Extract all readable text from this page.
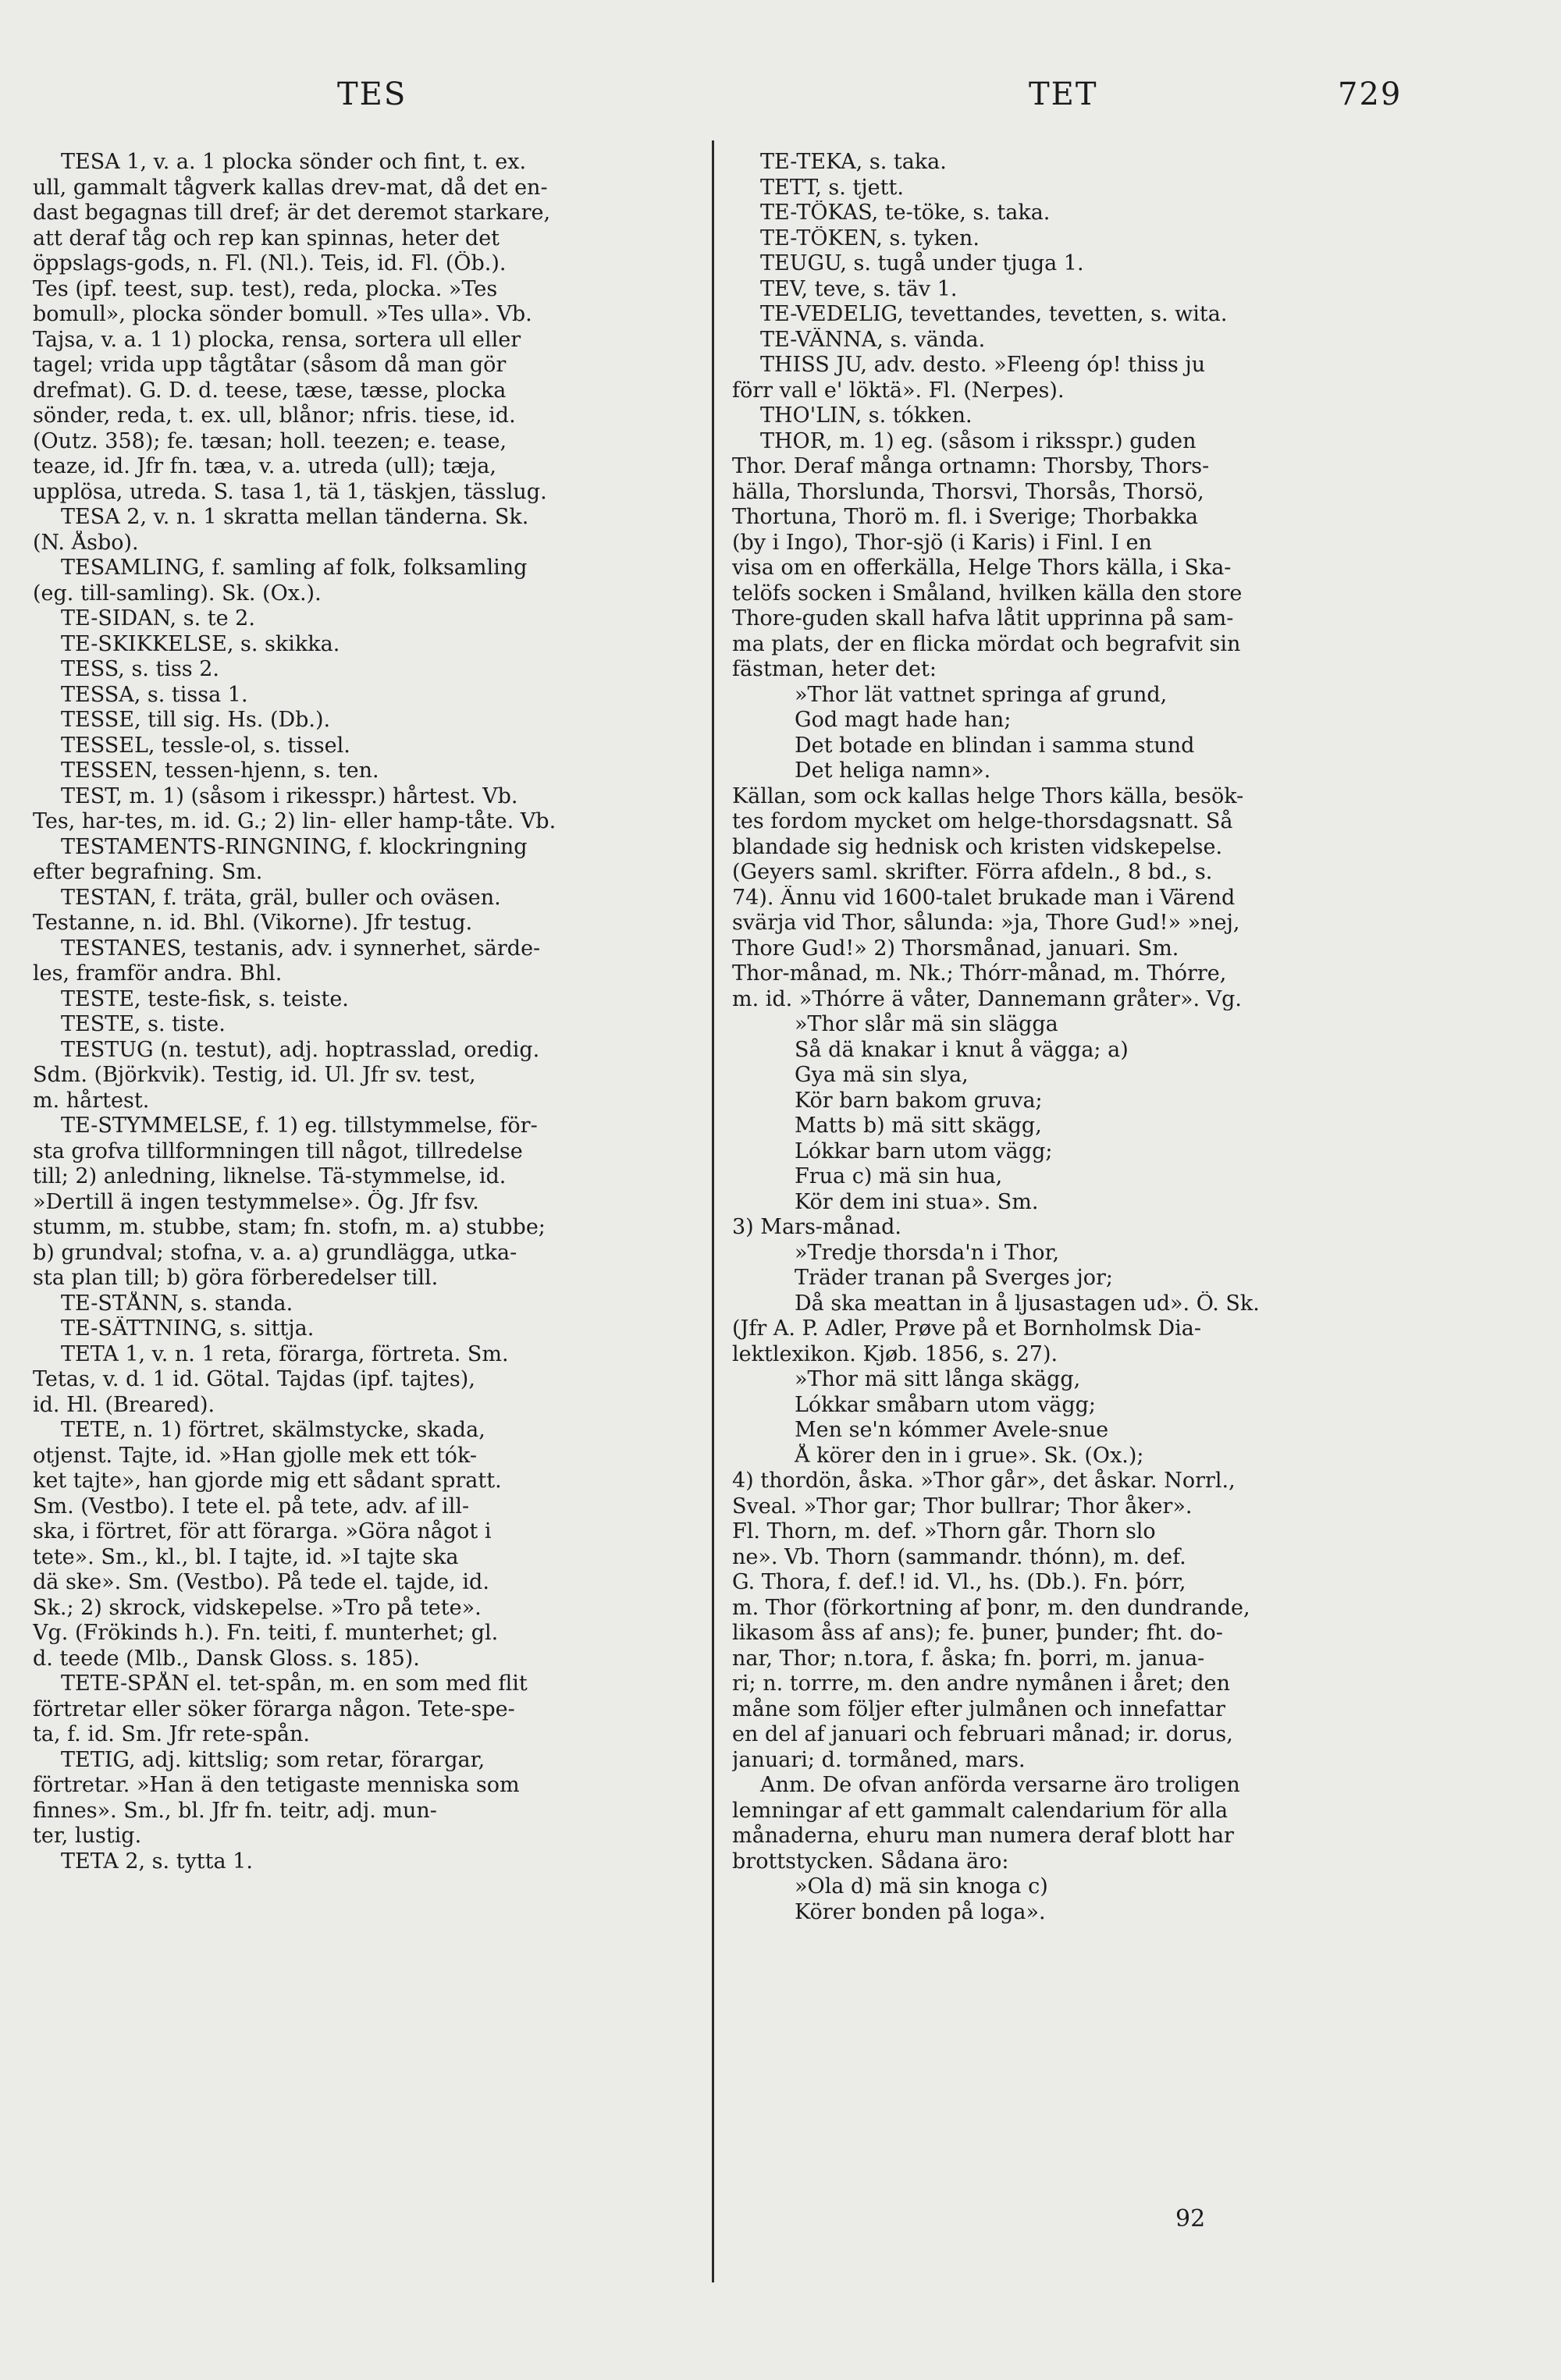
TES	TET	729

TESA 1, v. a. 1 plocka sönder och fint, t. ex.

ull, gammalt tågverk kallas drev-mat, då det en-

dast begagnas till dref; är det deremot starkare,

att deraf tåg och rep kan spinnas, heter det

öppslags-gods, n. Fl. (Nl.). Teis, id. Fl. (Öb.).

Tes (ipf. teest, sup. test), reda, plocka. »Tes

bomull», plocka sönder bomull. »Tes ulla». Vb.

Tajsa, v. a. 1 1) plocka, rensa, sortera ull eller

tagel; vrida upp tågtåtar (såsom då man gör

drefmat). G. D. d. teese, tæse, tæsse, plocka

sönder, reda, t. ex. ull, blånor; nfris. tiese, id.

(Outz. 358); fe. tæsan; holl. teezen; e. tease,

teaze, id. Jfr fn. tæa, v. a. utreda (ull); tæja,

upplösa, utreda. S. tasa 1, tä 1, täskjen, tässlug.

TESA 2, v. n. 1 skratta mellan tänderna. Sk.

(N. Åsbo).

TESAMLING, f. samling af folk, folksamling

(eg. till-samling). Sk. (Ox.).

TE-SIDAN, s. te 2.

TE-SKIKKELSE, s. skikka.

TESS, s. tiss 2.

TESSA, s. tissa 1.

TESSE, till sig. Hs. (Db.).

TESSEL, tessle-ol, s. tissel.

TESSEN, tessen-hjenn, s. ten.

TEST, m. 1) (såsom i rikesspr.) hårtest. Vb.

Tes, har-tes, m. id. G.; 2) lin- eller hamp-tåte. Vb.

TESTAMENTS-RINGNING, f. klockringning

efter begrafning. Sm.

TESTAN, f. träta, gräl, buller och oväsen.

Testanne, n. id. Bhl. (Vikorne). Jfr testug.

TESTANES, testanis, adv. i synnerhet, särde-

les, framför andra. Bhl.

TESTE, teste-fisk, s. teiste.

TESTE, s. tiste.

TESTUG (n. testut), adj. hoptrasslad, oredig.

Sdm. (Björkvik). Testig, id. Ul. Jfr sv. test,

m. hårtest.

TE-STYMMELSE, f. 1) eg. tillstymmelse, för-

sta grofva tillformningen till något, tillredelse

till; 2) anledning, liknelse. Tä-stymmelse, id.

»Dertill ä ingen testymmelse». Ög. Jfr fsv.

stumm, m. stubbe, stam; fn. stofn, m. a) stubbe;

b) grundval; stofna, v. a. a) grundlägga, utka-

sta plan till; b) göra förberedelser till.

TE-STÅNN, s. standa.

TE-SÄTTNING, s. sittja.

TETA 1, v. n. 1 reta, förarga, förtreta. Sm.

Tetas, v. d. 1 id. Götal. Tajdas (ipf. tajtes),

id. Hl. (Breared).

TETE, n. 1) förtret, skälmstycke, skada,

otjenst. Tajte, id. »Han gjolle mek ett tók-

ket tajte», han gjorde mig ett sådant spratt.

Sm. (Vestbo). I tete el. på tete, adv. af ill-

ska, i förtret, för att förarga. »Göra något i

tete». Sm., kl., bl. I tajte, id. »I tajte ska

dä ske». Sm. (Vestbo). På tede el. tajde, id.

Sk.; 2) skrock, vidskepelse. »Tro på tete».

Vg. (Frökinds h.). Fn. teiti, f. munterhet; gl.

d. teede (Mlb., Dansk Gloss. s. 185).

TETE-SPÅN el. tet-spån, m. en som med flit

förtretar eller söker förarga någon. Tete-spe-

ta, f. id. Sm. Jfr rete-spån.

TETIG, adj. kittslig; som retar, förargar,

förtretar. »Han ä den tetigaste menniska som

finnes». Sm., bl. Jfr fn. teitr, adj. mun-

ter, lustig.

TETA 2, s. tytta 1.

TE-TEKA, s. taka.

TETT, s. tjett.

TE-TÖKAS, te-töke, s. taka.

TE-TÖKEN, s. tyken.

TEUGU, s. tugå under tjuga 1.

TEV, teve, s. täv 1.

TE-VEDELIG, tevettandes, tevetten, s. wita.

TE-VÄNNA, s. vända.

THISS JU, adv. desto. »Fleeng óp! thiss ju

förr vall e' löktä». Fl. (Nerpes).

THO'LIN, s. tókken.

THOR, m. 1) eg. (såsom i riksspr.) guden

Thor. Deraf många ortnamn: Thorsby, Thors-

hälla, Thorslunda, Thorsvi, Thorsås, Thorsö,

Thortuna, Thorö m. fl. i Sverige; Thorbakka

(by i Ingo), Thor-sjö (i Karis) i Finl. I en

visa om en offerkälla, Helge Thors källa, i Ska-

telöfs socken i Småland, hvilken källa den store

Thore-guden skall hafva låtit upprinna på sam-

ma plats, der en flicka mördat och begrafvit sin

fästman, heter det:

»Thor lät vattnet springa af grund,

God magt hade han;

Det botade en blindan i samma stund

Det heliga namn».

Källan, som ock kallas helge Thors källa, besök-

tes fordom mycket om helge-thorsdagsnatt. Så

blandade sig hednisk och kristen vidskepelse.

(Geyers saml. skrifter. Förra afdeln., 8 bd., s.

74). Ännu vid 1600-talet brukade man i Värend

svärja vid Thor, sålunda: »ja, Thore Gud!» »nej,

Thore Gud!» 2) Thorsmånad, januari. Sm.

Thor-månad, m. Nk.; Thórr-månad, m. Thórre,

m. id. »Thórre ä våter, Dannemann gråter». Vg.

»Thor slår mä sin slägga

Så dä knakar i knut å vägga; a)

Gya mä sin slya,

Kör barn bakom gruva;

Matts b) mä sitt skägg,

Lókkar barn utom vägg;

Frua c) mä sin hua,

Kör dem ini stua». Sm.

3) Mars-månad.

»Tredje thorsda'n i Thor,

Träder tranan på Sverges jor;

Då ska meattan in å ljusastagen ud». Ö. Sk.

(Jfr A. P. Adler, Prøve på et Bornholmsk Dia-

lektlexikon. Kjøb. 1856, s. 27).

»Thor mä sitt långa skägg,

Lókkar småbarn utom vägg;

Men se'n kómmer Avele-snue

Å körer den in i grue». Sk. (Ox.);

4) thordön, åska. »Thor går», det åskar. Norrl.,

Sveal. »Thor gar; Thor bullrar; Thor åker».

Fl. Thorn, m. def. »Thorn går. Thorn slo

ne». Vb. Thorn (sammandr. thónn), m. def.

G. Thora, f. def.! id. Vl., hs. (Db.). Fn. þórr,

m. Thor (förkortning af þonr, m. den dundrande,

likasom åss af ans); fe. þuner, þunder; fht. do-

nar, Thor; n.tora, f. åska; fn. þorri, m. janua-

ri; n. torrre, m. den andre nymånen i året; den

måne som följer efter julmånen och innefattar

en del af januari och februari månad; ir. dorus,

januari; d. tormåned, mars.

Anm. De ofvan anförda versarne äro troligen

lemningar af ett gammalt calendarium för alla

månaderna, ehuru man numera deraf blott har

brottstycken. Sådana äro:

»Ola d) mä sin knoga c)

Körer bonden på loga».

92
